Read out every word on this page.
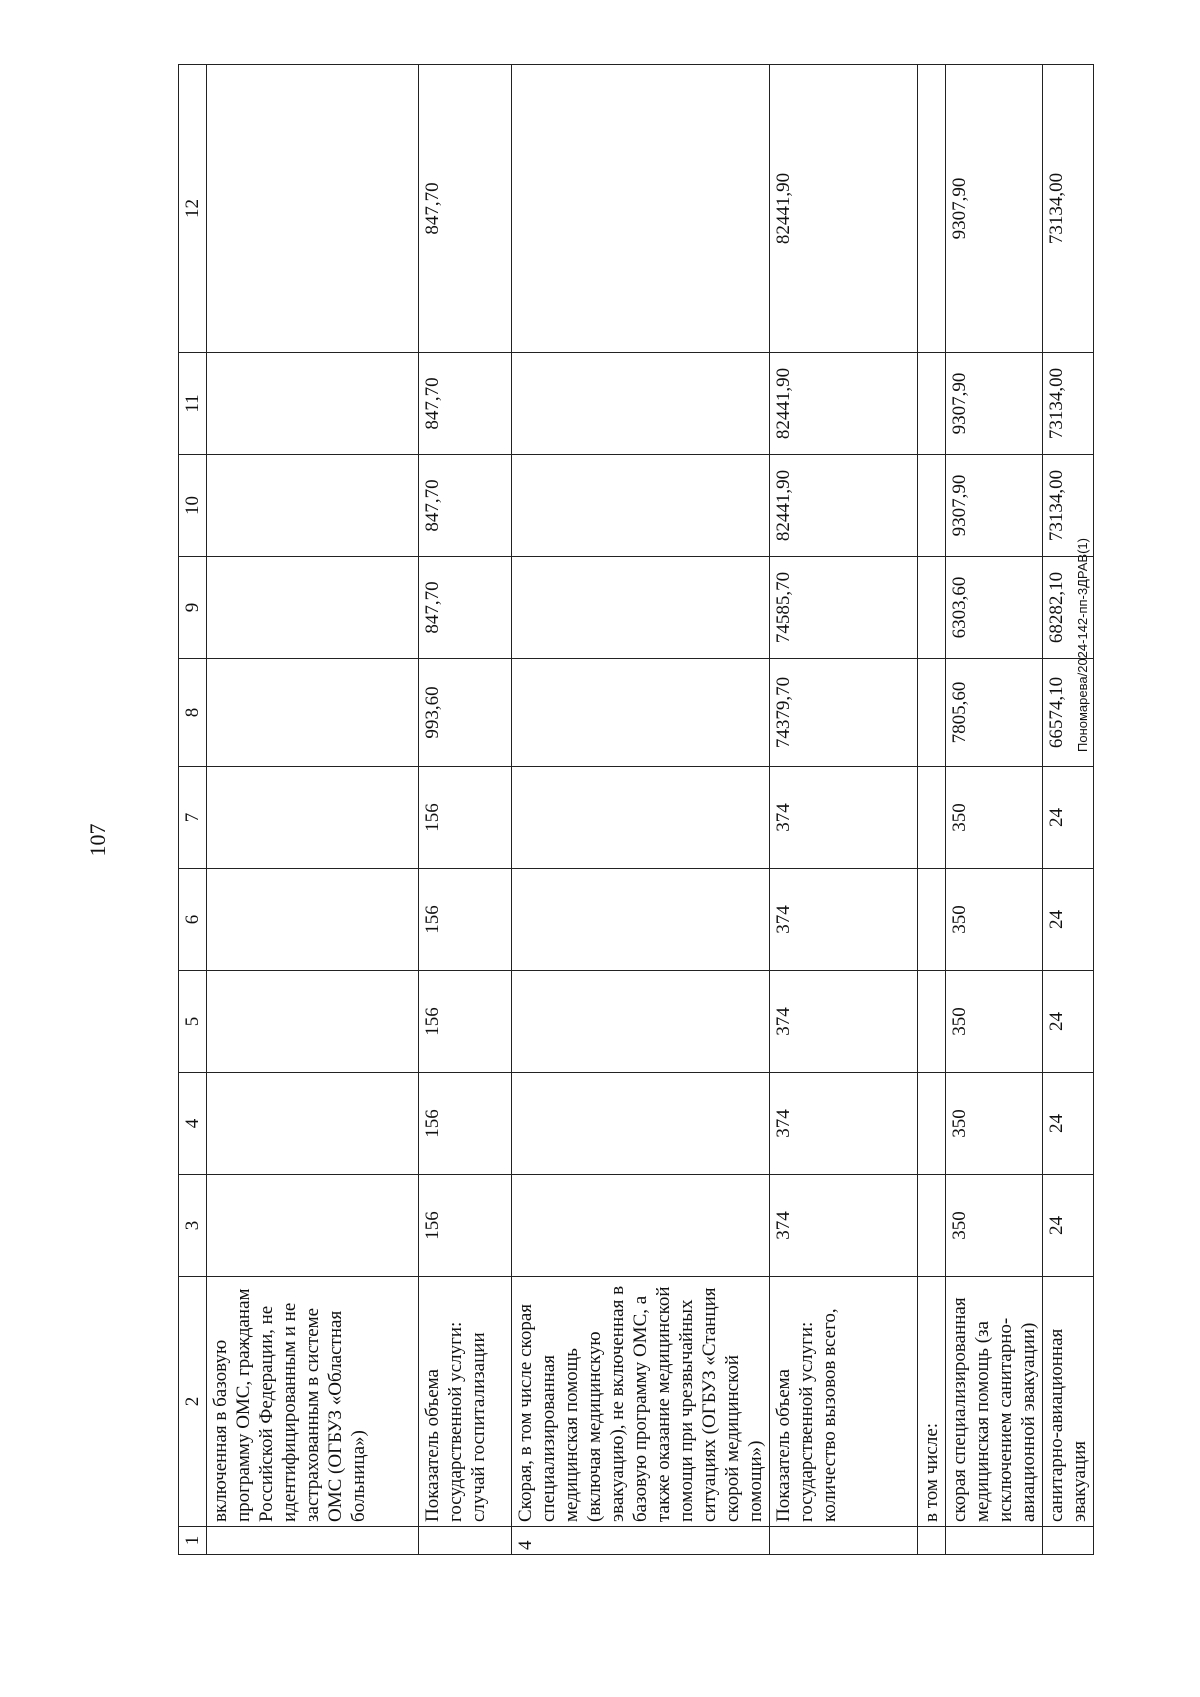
107
Пономарева/2024-142-пп-3ДРАВ(1)
1	2	3	4	5	6	7	8	9	10	11	12
	включенная в базовую программу ОМС, гражданам Российской Федерации, не идентифицированным и не застрахованным в системе ОМС (ОГБУЗ «Областная больница»)										
	Показатель объема государственной услуги: случай госпитализации	156	156	156	156	156	993,60	847,70	847,70	847,70	847,70
4	Скорая, в том числе скорая специализированная медицинская помощь (включая медицинскую эвакуацию), не включенная в базовую программу ОМС, а также оказание медицинской помощи при чрезвычайных ситуациях (ОГБУЗ «Станция скорой медицинской помощи»)										
	Показатель объема государственной услуги: количество вызовов всего,	374	374	374	374	374	74379,70	74585,70	82441,90	82441,90	82441,90
	в том числе:										
	скорая специализированная медицинская помощь (за исключением санитарно-авиационной эвакуации)	350	350	350	350	350	7805,60	6303,60	9307,90	9307,90	9307,90
	санитарно-авиационная эвакуация	24	24	24	24	24	66574,10	68282,10	73134,00	73134,00	73134,00
